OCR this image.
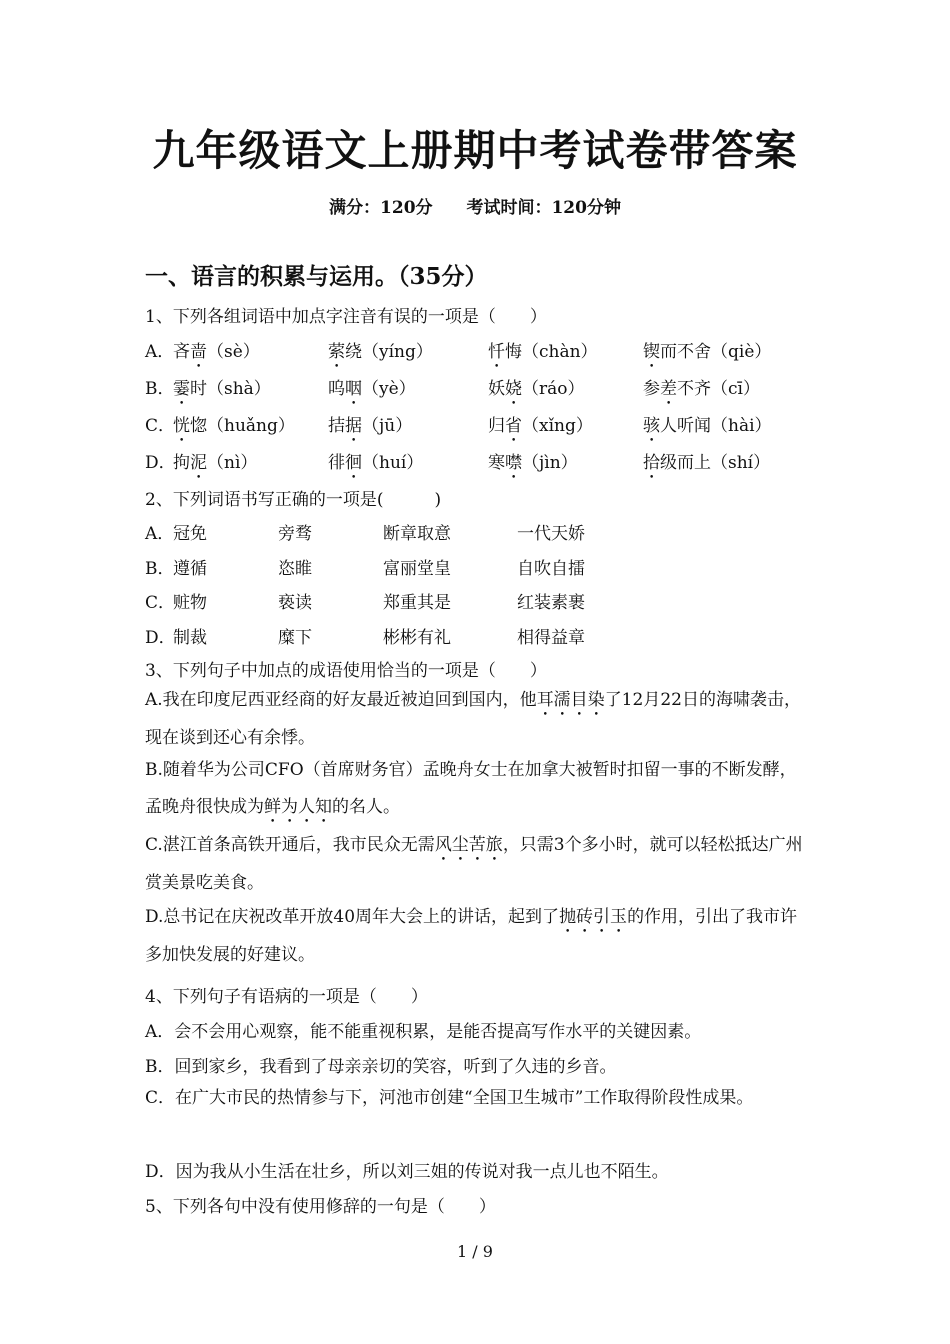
九年级语文上册期中考试卷带答案
满分：120分 考试时间：120分钟
一、语言的积累与运用。（35分）
1、下列各组词语中加点字注音有误的一项是（　　）
A．
吝啬（sè）	萦绕（yíng）	忏悔（chàn）	锲而不舍（qiè）
B．
霎时（shà）	呜咽（yè）	妖娆（ráo）	参差不齐（cī）
C．
恍惚（huǎng） 拮据（jū）	归省（xǐng）	骇人听闻（hài）
D．
拘泥（nì）	徘徊（huí）	寒噤（jìn）	拾级而上（shí）
2、下列词语书写正确的一项是(　　　)
A．
冠免	旁骛	断章取意	一代天娇
B．
遵循	恣睢	富丽堂皇	自吹自擂
C．
赃物	亵读	郑重其是	红装素裹
D．
制裁	糜下	彬彬有礼	相得益章
3、下列句子中加点的成语使用恰当的一项是（　　）
A.我在印度尼西亚经商的好友最近被迫回到国内，他耳濡目染了12月22日的海啸袭击，现在谈到还心有余悸。
B.随着华为公司CFO（首席财务官）孟晚舟女士在加拿大被暂时扣留一事的不断发酵，孟晚舟很快成为鲜为人知的名人。
C.湛江首条高铁开通后，我市民众无需风尘苦旅，只需3个多小时，就可以轻松抵达广州赏美景吃美食。
D.总书记在庆祝改革开放40周年大会上的讲话，起到了抛砖引玉的作用，引出了我市许多加快发展的好建议。
4、下列句子有语病的一项是（　　）
A．会不会用心观察，能不能重视积累，是能否提高写作水平的关键因素。
B．回到家乡，我看到了母亲亲切的笑容，听到了久违的乡音。
C．在广大市民的热情参与下，河池市创建“全国卫生城市”工作取得阶段性成果。
D．因为我从小生活在壮乡，所以刘三姐的传说对我一点儿也不陌生。
5、下列各句中没有使用修辞的一句是（　　）
1 / 9
